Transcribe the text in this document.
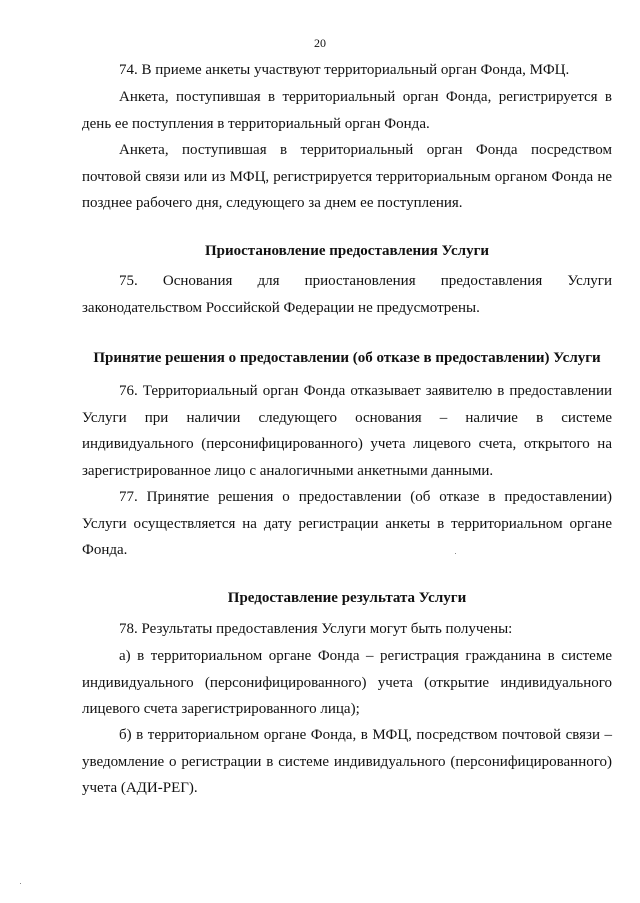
20

74. В приеме анкеты участвуют территориальный орган Фонда, МФЦ.

Анкета, поступившая в территориальный орган Фонда, регистрируется в день ее поступления в территориальный орган Фонда.

Анкета, поступившая в территориальный орган Фонда посредством почтовой связи или из МФЦ, регистрируется территориальным органом Фонда не позднее рабочего дня, следующего за днем ее поступления.

Приостановление предоставления Услуги

75. Основания для приостановления предоставления Услуги законодательством Российской Федерации не предусмотрены.

Принятие решения о предоставлении (об отказе в предоставлении) Услуги

76. Территориальный орган Фонда отказывает заявителю в предоставлении Услуги при наличии следующего основания – наличие в системе индивидуального (персонифицированного) учета лицевого счета, открытого на зарегистрированное лицо с аналогичными анкетными данными.

77. Принятие решения о предоставлении (об отказе в предоставлении) Услуги осуществляется на дату регистрации анкеты в территориальном органе Фонда.

Предоставление результата Услуги

78. Результаты предоставления Услуги могут быть получены:

а) в территориальном органе Фонда – регистрация гражданина в системе индивидуального (персонифицированного) учета (открытие индивидуального лицевого счета зарегистрированного лица);

б) в территориальном органе Фонда, в МФЦ, посредством почтовой связи – уведомление о регистрации в системе индивидуального (персонифицированного) учета (АДИ-РЕГ).
